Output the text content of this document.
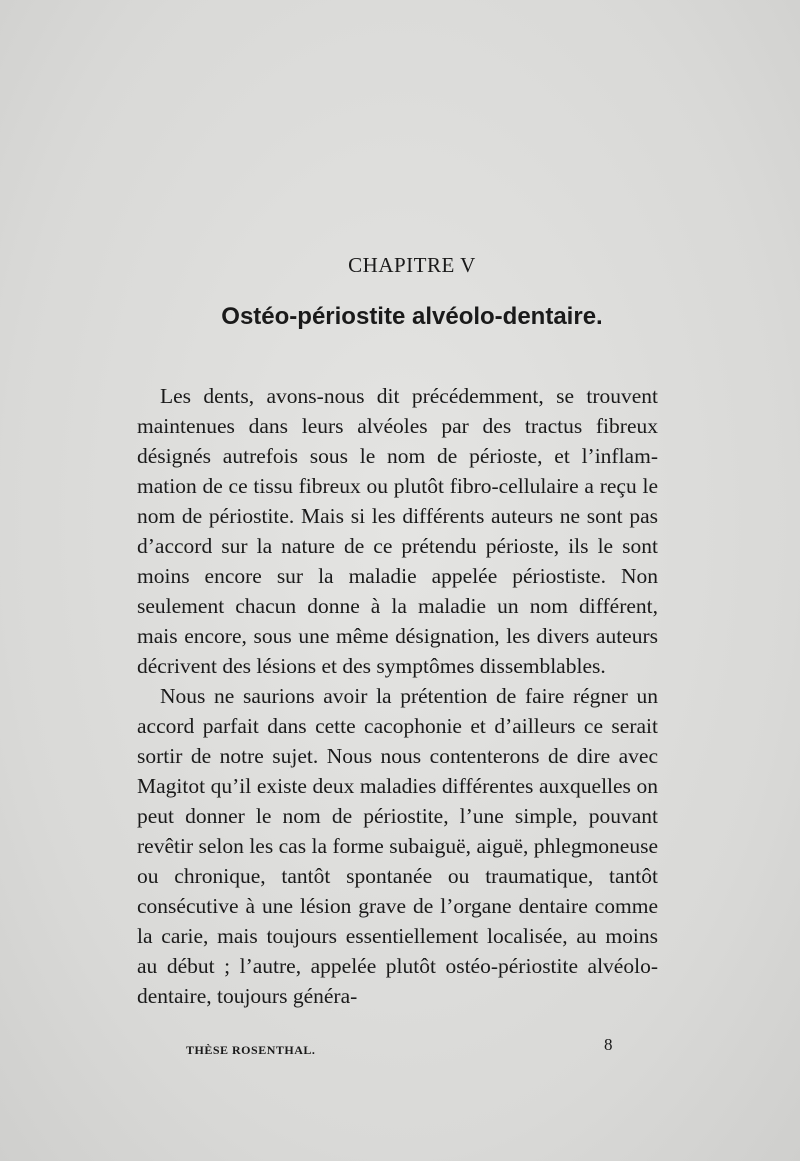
CHAPITRE V
Ostéo-périostite alvéolo-dentaire.

Les dents, avons-nous dit précédemment, se trouvent maintenues dans leurs alvéoles par des tractus fibreux désignés autrefois sous le nom de périoste, et l’inflammation de ce tissu fibreux ou plutôt fibro-cellulaire a reçu le nom de périostite. Mais si les différents auteurs ne sont pas d’accord sur la nature de ce prétendu périoste, ils le sont moins encore sur la maladie appelée périostiste. Non seulement chacun donne à la maladie un nom différent, mais encore, sous une même désignation, les divers auteurs décrivent des lésions et des symptômes dissemblables.

Nous ne saurions avoir la prétention de faire régner un accord parfait dans cette cacophonie et d’ailleurs ce serait sortir de notre sujet. Nous nous contenterons de dire avec Magitot qu’il existe deux maladies différentes auxquelles on peut donner le nom de périostite, l’une simple, pouvant revêtir selon les cas la forme subaiguë, aiguë, phlegmoneuse ou chronique, tantôt spontanée ou traumatique, tantôt consécutive à une lésion grave de l’organe dentaire comme la carie, mais toujours essentiellement localisée, au moins au début ; l’autre, appelée plutôt ostéo-périostite alvéolo-dentaire, toujours généra-

THÈSE ROSENTHAL.	8
